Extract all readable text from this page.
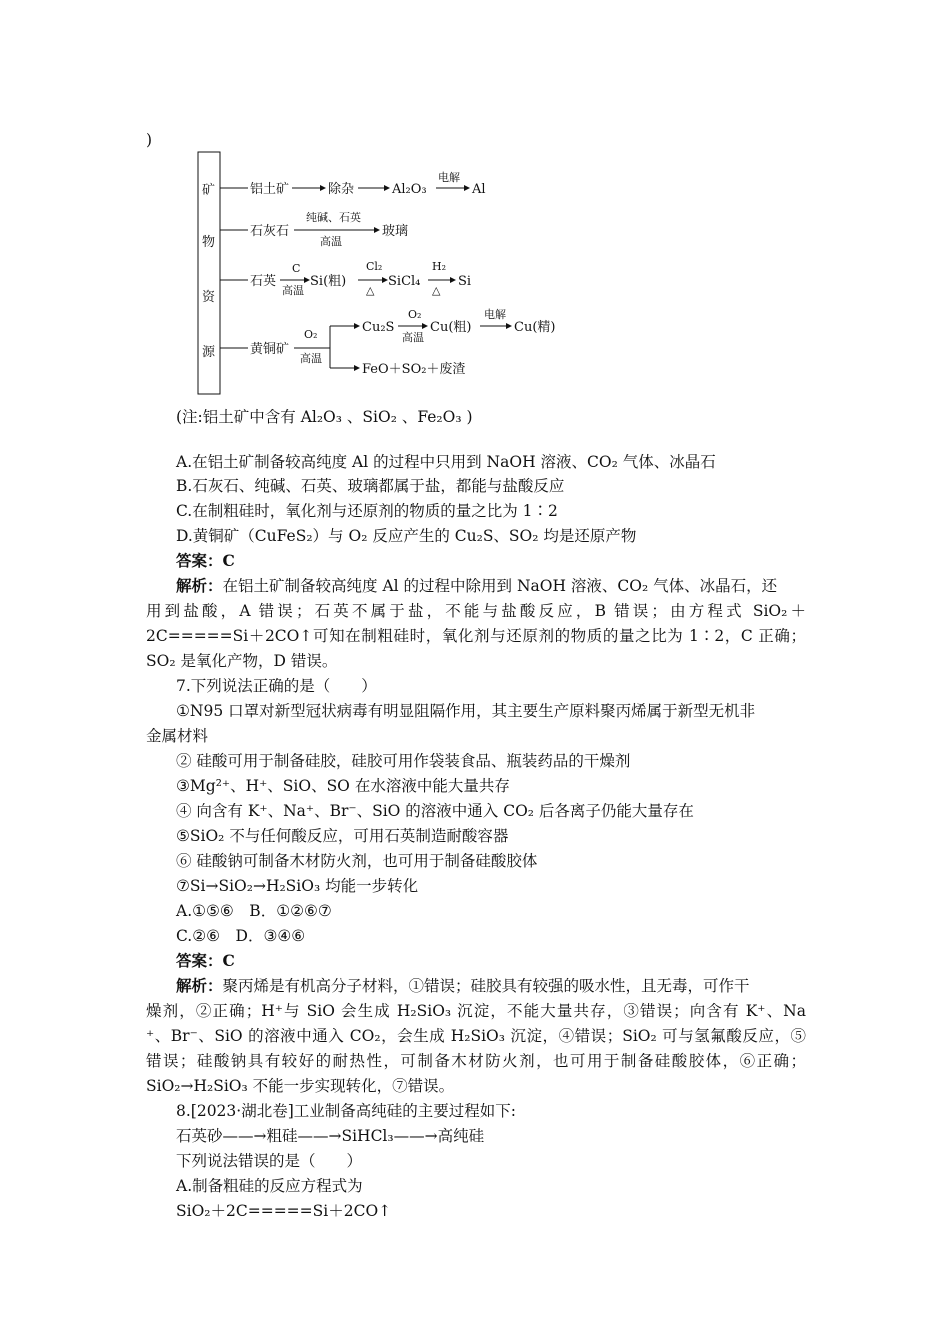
)
矿
物
资
源
铝土矿	除杂	Al₂O₃
电解
Al
石灰石
纯碱、石英
高温
玻璃
石英
C
高温
Si(粗)
Cl₂
△
SiCl₄
H₂
△
Si
黄铜矿
O₂
高温
Cu₂S
O₂
高温
Cu(粗)
电解
Cu(精)
FeO＋SO₂＋废渣
(注:铝土矿中含有 Al₂O₃ 、SiO₂ 、Fe₂O₃ )
A.在铝土矿制备较高纯度 Al 的过程中只用到 NaOH 溶液、CO₂ 气体、冰晶石
B.石灰石、纯碱、石英、玻璃都属于盐，都能与盐酸反应
C.在制粗硅时，氧化剂与还原剂的物质的量之比为 1∶2
D.黄铜矿（CuFeS₂）与 O₂ 反应产生的 Cu₂S、SO₂ 均是还原产物
答案：C
解析：在铝土矿制备较高纯度 Al 的过程中除用到 NaOH 溶液、CO₂ 气体、冰晶石，还
用到盐酸，A 错误；石英不属于盐，不能与盐酸反应，B 错误；由方程式 SiO₂＋
2C=====Si＋2CO↑可知在制粗硅时，氧化剂与还原剂的物质的量之比为 1∶2，C 正确；
SO₂ 是氧化产物，D 错误。
7.下列说法正确的是（　　）
①N95 口罩对新型冠状病毒有明显阻隔作用，其主要生产原料聚丙烯属于新型无机非
金属材料
② 硅酸可用于制备硅胶，硅胶可用作袋装食品、瓶装药品的干燥剂
③Mg²⁺、H⁺、SiO、SO 在水溶液中能大量共存
④ 向含有 K⁺、Na⁺、Br⁻、SiO 的溶液中通入 CO₂ 后各离子仍能大量存在
⑤SiO₂ 不与任何酸反应，可用石英制造耐酸容器
⑥ 硅酸钠可制备木材防火剂，也可用于制备硅酸胶体
⑦Si→SiO₂→H₂SiO₃ 均能一步转化
A.①⑤⑥　B．①②⑥⑦
C.②⑥　D．③④⑥
答案：C
解析：聚丙烯是有机高分子材料，①错误；硅胶具有较强的吸水性，且无毒，可作干
燥剂，②正确；H⁺与 SiO 会生成 H₂SiO₃ 沉淀，不能大量共存，③错误；向含有 K⁺、Na
⁺、Br⁻、SiO 的溶液中通入 CO₂，会生成 H₂SiO₃ 沉淀，④错误；SiO₂ 可与氢氟酸反应，⑤
错误；硅酸钠具有较好的耐热性，可制备木材防火剂，也可用于制备硅酸胶体，⑥正确；
SiO₂→H₂SiO₃ 不能一步实现转化，⑦错误。
8.[2023·湖北卷]工业制备高纯硅的主要过程如下:
石英砂——→粗硅——→SiHCl₃——→高纯硅
下列说法错误的是（　　）
A.制备粗硅的反应方程式为
SiO₂＋2C=====Si＋2CO↑
